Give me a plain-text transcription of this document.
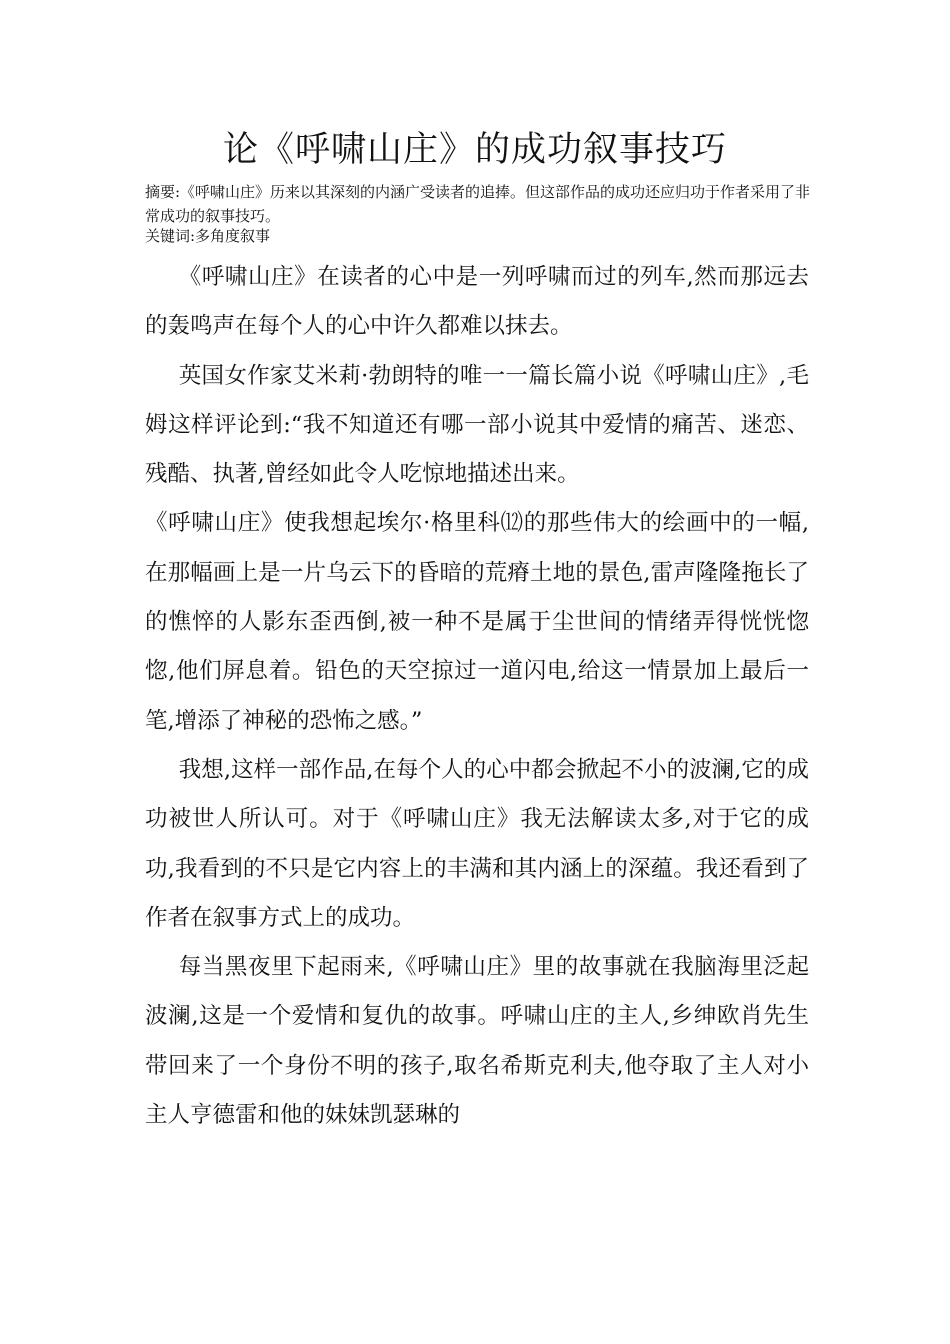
论《呼啸山庄》的成功叙事技巧

摘要:《呼啸山庄》历来以其深刻的内涵广受读者的追捧。但这部作品的成功还应归功于作者采用了非常成功的叙事技巧。

关键词:多角度叙事

《呼啸山庄》在读者的心中是一列呼啸而过的列车,然而那远去的轰鸣声在每个人的心中许久都难以抹去。

英国女作家艾米莉·勃朗特的唯一一篇长篇小说《呼啸山庄》,毛姆这样评论到:“我不知道还有哪一部小说其中爱情的痛苦、迷恋、残酷、执著,曾经如此令人吃惊地描述出来。

《呼啸山庄》使我想起埃尔·格里科⑿的那些伟大的绘画中的一幅,在那幅画上是一片乌云下的昏暗的荒瘠土地的景色,雷声隆隆拖长了的憔悴的人影东歪西倒,被一种不是属于尘世间的情绪弄得恍恍惚惚,他们屏息着。铅色的天空掠过一道闪电,给这一情景加上最后一笔,增添了神秘的恐怖之感。”

我想,这样一部作品,在每个人的心中都会掀起不小的波澜,它的成功被世人所认可。对于《呼啸山庄》我无法解读太多,对于它的成功,我看到的不只是它内容上的丰满和其内涵上的深蕴。我还看到了作者在叙事方式上的成功。

每当黑夜里下起雨来,《呼啸山庄》里的故事就在我脑海里泛起波澜,这是一个爱情和复仇的故事。呼啸山庄的主人,乡绅欧肖先生带回来了一个身份不明的孩子,取名希斯克利夫,他夺取了主人对小主人亨德雷和他的妹妹凯瑟琳的
